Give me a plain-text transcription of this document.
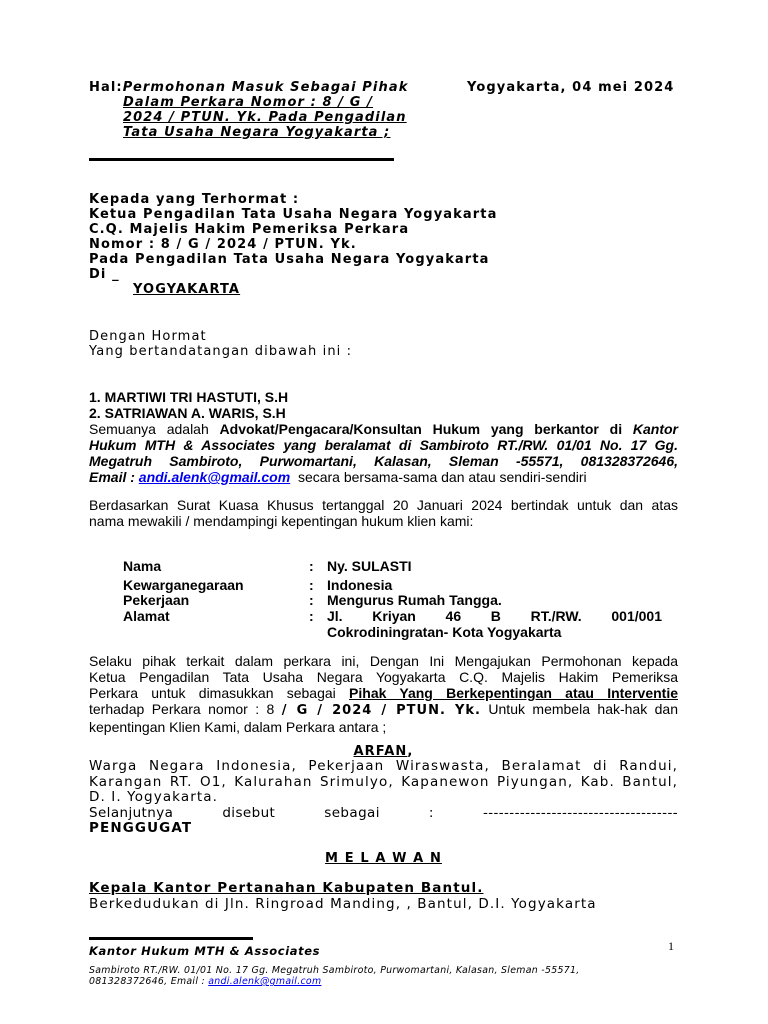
Hal:Permohonan Masuk Sebagai Pihak
Dalam Perkara Nomor : 8 / G /
2024 / PTUN. Yk. Pada Pengadilan
Tata Usaha Negara Yogyakarta ;
Yogyakarta, 04 mei 2024
Kepada yang Terhormat :
Ketua Pengadilan Tata Usaha Negara Yogyakarta
C.Q. Majelis Hakim Pemeriksa Perkara
Nomor : 8 / G / 2024 / PTUN. Yk.
Pada Pengadilan Tata Usaha Negara Yogyakarta
Di _
YOGYAKARTA
Dengan Hormat
Yang bertandatangan dibawah ini :
1. MARTIWI TRI HASTUTI, S.H
2. SATRIAWAN A. WARIS, S.H
Semuanya adalah Advokat/Pengacara/Konsultan Hukum yang berkantor di Kantor
Hukum MTH & Associates yang beralamat di Sambiroto RT./RW. 01/01 No. 17 Gg.
Megatruh Sambiroto, Purwomartani, Kalasan, Sleman -55571, 081328372646,
Email : andi.alenk@gmail.com  secara bersama-sama dan atau sendiri-sendiri
Berdasarkan Surat Kuasa Khusus tertanggal 20 Januari 2024 bertindak untuk dan atas
nama mewakili / mendampingi kepentingan hukum klien kami:
Nama	: Ny. SULASTI
Kewarganegaraan	: Indonesia
Pekerjaan	: Mengurus Rumah Tangga.
Alamat	: Jl.  Kriyan  46  B  RT./RW.  001/001
Cokrodiningratan- Kota Yogyakarta
Selaku pihak terkait dalam perkara ini, Dengan Ini Mengajukan Permohonan kepada
Ketua Pengadilan Tata Usaha Negara Yogyakarta C.Q. Majelis Hakim Pemeriksa
Perkara untuk dimasukkan sebagai Pihak Yang Berkepentingan atau Interventie
terhadap Perkara nomor : 8 / G / 2024 / PTUN. Yk. Untuk membela hak-hak dan
kepentingan Klien Kami, dalam Perkara antara ;
ARFAN,
Warga Negara Indonesia, Pekerjaan Wiraswasta, Beralamat di Randui,
Karangan RT. O1, Kalurahan Srimulyo, Kapanewon Piyungan, Kab. Bantul,
D. I. Yogyakarta.
Selanjutnya   disebut   sebagai   :   -------------------------------------
PENGGUGAT
M E L A W A N
Kepala Kantor Pertanahan Kabupaten Bantul.
Berkedudukan di Jln. Ringroad Manding, , Bantul, D.I. Yogyakarta
1
Kantor Hukum MTH & Associates
Sambiroto RT./RW. 01/01 No. 17 Gg. Megatruh Sambiroto, Purwomartani, Kalasan, Sleman -55571,
081328372646, Email : andi.alenk@gmail.com
